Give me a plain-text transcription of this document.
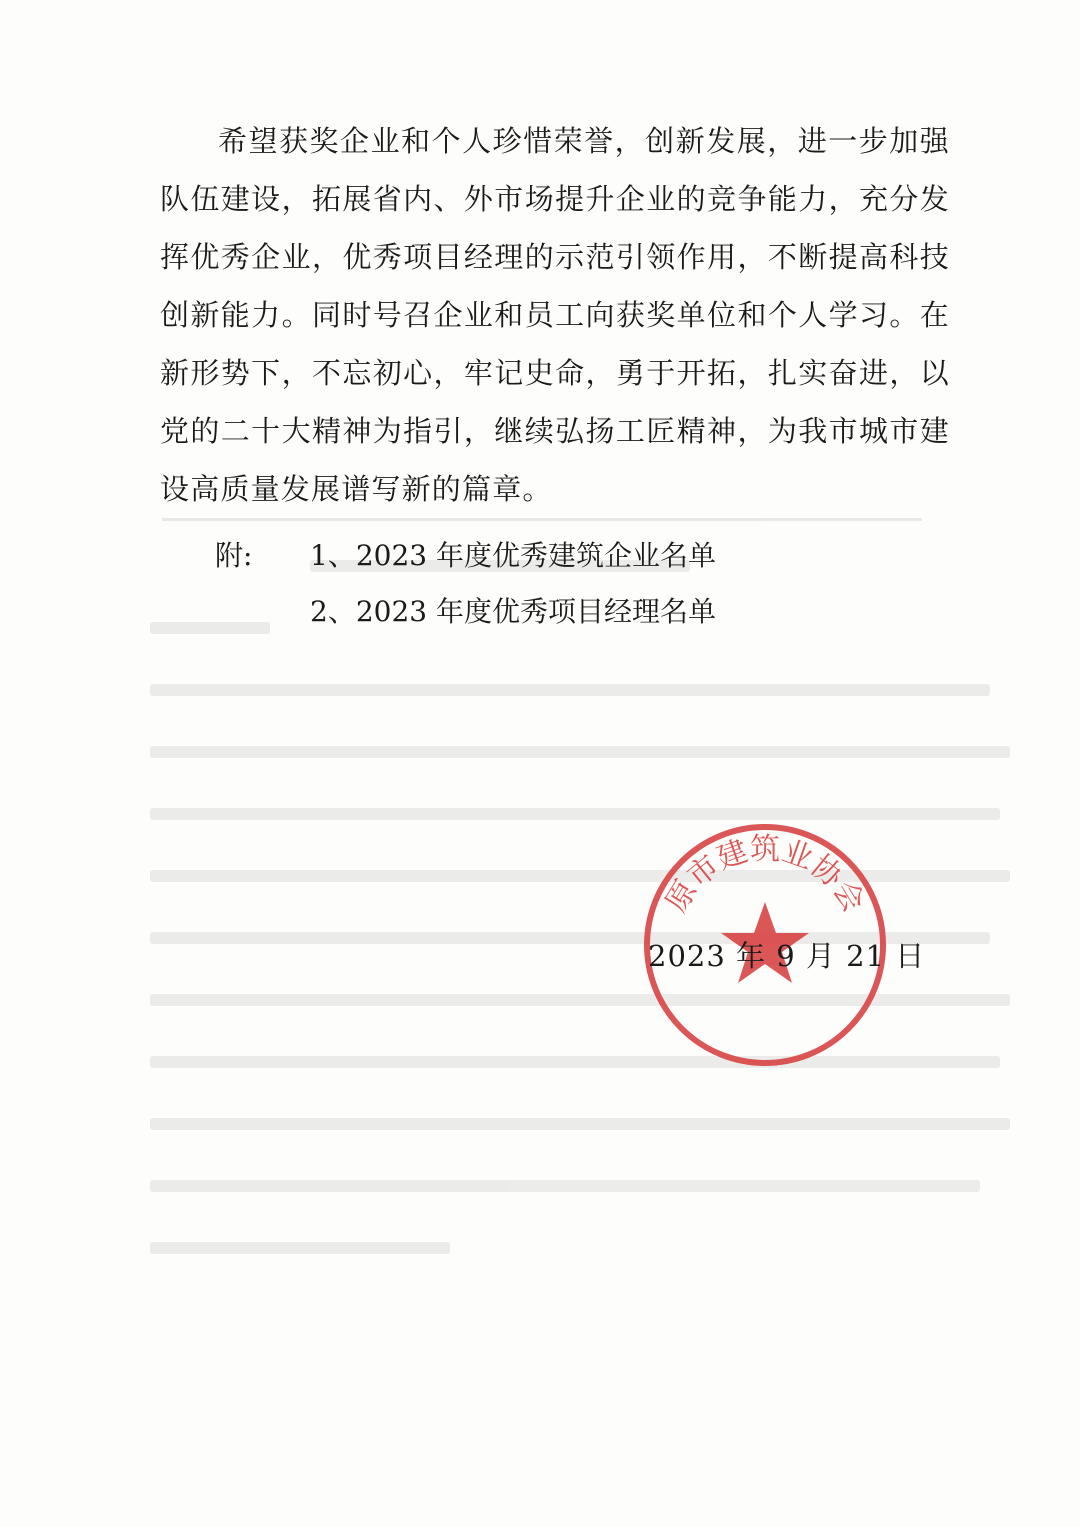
希望获奖企业和个人珍惜荣誉，创新发展，进一步加强队伍建设，拓展省内、外市场提升企业的竞争能力，充分发挥优秀企业，优秀项目经理的示范引领作用，不断提高科技创新能力。同时号召企业和员工向获奖单位和个人学习。在新形势下，不忘初心，牢记史命，勇于开拓，扎实奋进，以党的二十大精神为指引，继续弘扬工匠精神，为我市城市建设高质量发展谱写新的篇章。

附:	1、2023 年度优秀建筑企业名单
2、2023 年度优秀项目经理名单
原市建筑业协会
2023 年 9 月 21 日
